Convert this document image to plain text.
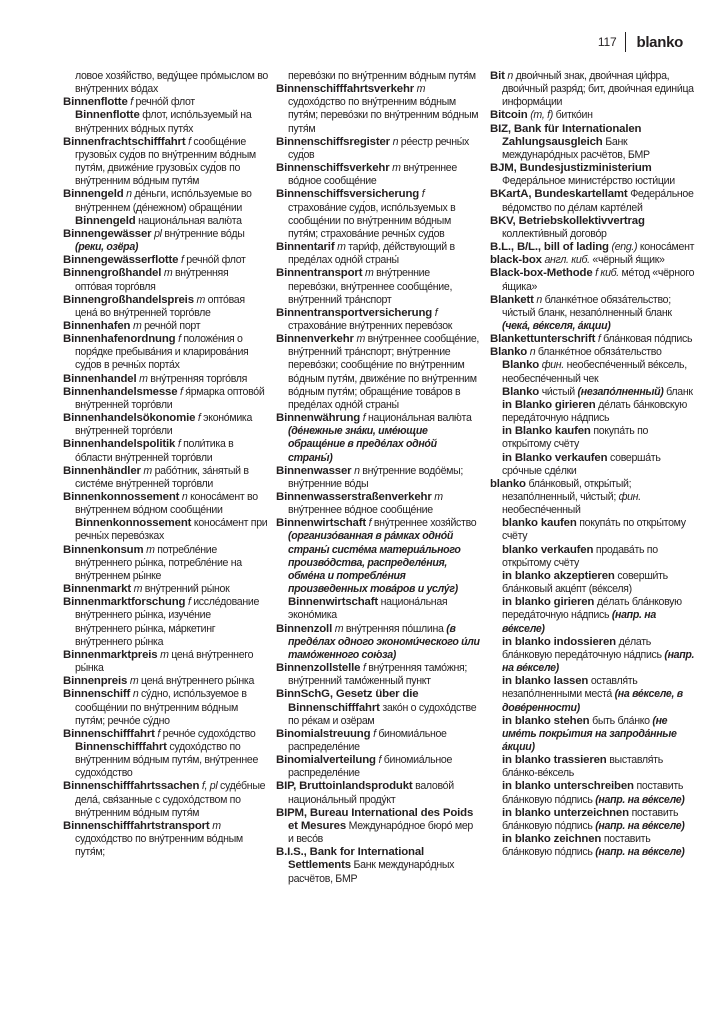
117 blanko
ловое хозя́йство, веду́щее про́мыслом во вну́тренних во́дах
Binnenflotte f речно́й флот
Binnenflotte флот, испо́льзуемый на вну́тренних во́дных путя́х
Binnenfrachtschifffahrt f сообще́ние грузовы́х суд́ов по вну́тренним во́дным путя́м, движе́ние грузовы́х суд́ов по вну́тренним во́дным путя́м
Binnengeld n де́ньги, испо́льзуемые во вну́треннем (де́нежном) обраще́нии
Binnengeld национа́льная валю́та
Binnengewässer pl вну́тренние во́ды (реки, озёра)
Binnengewässerflotte f речно́й флот
Binnengroßhandel m вну́тренняя опто́вая торго́вля
Binnengroßhandelspreis m опто́вая цена́ во вну́тренней торго́вле
Binnenhafen m речно́й порт
Binnenhafenordnung f положе́ния о поря́дке пребыва́ния и кларирова́ния суд́ов в речны́х порта́х
Binnenhandel m вну́тренняя торго́вля
Binnenhandelsmesse f я́рмарка оптово́й вну́тренней торго́вли
Binnenhandelsökonomie f эконо́мика вну́тренней торго́вли
Binnenhandelspolitik f поли́тика в о́бласти вну́тренней торго́вли
Binnenhändler m рабо́тник, за́нятый в систе́ме вну́тренней торго́вли
Binnenkonnossement n коноса́мент во вну́треннем во́дном сообще́нии
Binnenkonnossement коноса́мент при речны́х перево́зках
Binnenkonsum m потребле́ние вну́треннего ры́нка, потребле́ние на вну́треннем ры́нке
Binnenmarkt m вну́тренний ры́нок
Binnenmarktforschung f иссле́дование вну́треннего ры́нка, изуче́ние вну́треннего ры́нка, ма́ркетинг вну́треннего ры́нка
Binnenmarktpreis m цена́ вну́треннего ры́нка
Binnenpreis m цена́ вну́треннего ры́нка
Binnenschiff n су́дно, испо́льзуемое в сообще́нии по вну́тренним во́дным путя́м; речно́е су́дно
Binnenschifffahrt f речно́е судохо́дство
Binnenschifffahrt судохо́дство по вну́тренним во́дным путя́м, вну́треннее судохо́дство
Binnenschifffahrtssachen f, pl суде́бные дела́, свя́занные с судохо́дством по вну́тренним во́дным путя́м
Binnenschifffahrtstransport m судохо́дство по вну́тренним во́дным путя́м;
перево́зки по вну́тренним во́дным путя́м
Binnenschifffahrtsverkehr m судохо́дство по вну́тренним во́дным путя́м; перево́зки по вну́тренним во́дным путя́м
Binnenschiffsregister n ре́естр речны́х суд́ов
Binnenschiffsverkehr m вну́треннее во́дное сообще́ние
Binnenschiffsversicherung f страхова́ние суд́ов, испо́льзуемых в сообще́нии по вну́тренним во́дным путя́м; страхова́ние речны́х суд́ов
Binnentarif m тари́ф, де́йствующий в преде́лах одно́й страны́
Binnentransport m вну́тренние перево́зки, вну́треннее сообще́ние, вну́тренний тра́нспорт
Binnentransportversicherung f страхова́ние вну́тренних перево́зок
Binnenverkehr m вну́треннее сообще́ние, вну́тренний тра́нспорт; вну́тренние перево́зки; сообще́ние по вну́тренним во́дным путя́м, движе́ние по вну́тренним во́дным путя́м; обраще́ние това́ров в преде́лах одно́й страны́
Binnenwährung f национа́льная валю́та (де́нежные зна́ки, име́ющие обраще́ние в преде́лах одно́й страны́)
Binnenwasser n вну́тренние водо́ёмы; вну́тренние во́ды
Binnenwasserstraßenverkehr m вну́треннее во́дное сообще́ние
Binnenwirtschaft f вну́треннее хозя́йство (организо́ванная в ра́мках одно́й страны́ систе́ма материа́льного произво́дства, распределе́ния, обме́на и потребле́ния произведенных това́ров и услу́г)
Binnenwirtschaft национа́льная эконо́мика
Binnenzoll m вну́тренняя по́шлина (в преде́лах одного экономи́ческого и́ли тамо́женного сою́за)
Binnenzollstelle f вну́тренняя тамо́жня; вну́тренний тамо́женный пункт
BinnSchG, Gesetz über die Binnenschifffahrt зако́н о судохо́дстве по ре́кам и озёрам
Binomialstreuung f биномиа́льное распределе́ние
Binomialverteilung f биномиа́льное распределе́ние
BIP, Bruttoinlandsprodukt валово́й национа́льный проду́кт
BIPM, Bureau International des Poids et Mesures Междунаро́дное бюро́ мер и весо́в
B.I.S., Bank for International Settlements Банк междунаро́дных расчётов, БМР
Bit n двои́чный знак, двои́чная ци́фра, двои́чный разря́д; бит, двои́чная едини́ца информа́ции
Bitcoin (m, f) битко́ин
BIZ, Bank für Internationalen Zahlungsausgleich Банк междунаро́дных расчётов, БМР
BJM, Bundesjustizministerium Федера́льное министе́рство юсти́ции
BKartA, Bundeskartellamt Федера́льное ве́домство по де́лам карте́лей
BKV, Betriebskollektivvertrag коллекти́вный догово́р
B.L., B/L., bill of lading (eng.) коноса́мент
black-box англ. киб. «чёрный я́щик»
Black-box-Methode f киб. ме́тод «чёрного я́щика»
Blankett n бланке́тное обяза́тельство; чи́стый бланк, незапо́лненный бланк (чека́, ве́кселя, а́кции)
Blankettunterschrift f бла́нковая по́дпись
Blanko n бланке́тное обяза́тельство
Blanko фин. необеспе́ченный ве́ксель, необеспе́ченный чек
Blanko чи́стый (незапо́лненный) бланк
in Blanko girieren де́лать ба́нковскую переда́точную на́дпись
in Blanko kaufen покупа́ть по откры́тому счёту
in Blanko verkaufen соверша́ть сро́чные сде́лки
blanko бла́нковый, откры́тый; незапо́лненный, чи́стый; фин. необеспе́ченный
blanko kaufen покупа́ть по откры́тому счёту
blanko verkaufen продава́ть по откры́тому счёту
in blanko akzeptieren соверши́ть бла́нковый акце́пт (ве́кселя)
in blanko girieren де́лать бла́нковую переда́точную на́дпись (напр. на ве́кселе)
in blanko indossieren де́лать бла́нковую переда́точную на́дпись (напр. на ве́кселе)
in blanko lassen оставля́ть незапо́лненными места́ (на ве́кселе, в дове́ренности)
in blanko stehen быть бла́нко (не име́ть покры́тия на запрода́нные а́кции)
in blanko trassieren выставля́ть бла́нко-ве́ксель
in blanko unterschreiben поставить бла́нковую по́дпись (напр. на ве́кселе)
in blanko unterzeichnen поставить бла́нковую по́дпись (напр. на ве́кселе)
in blanko zeichnen поставить бла́нковую по́дпись (напр. на ве́кселе)
